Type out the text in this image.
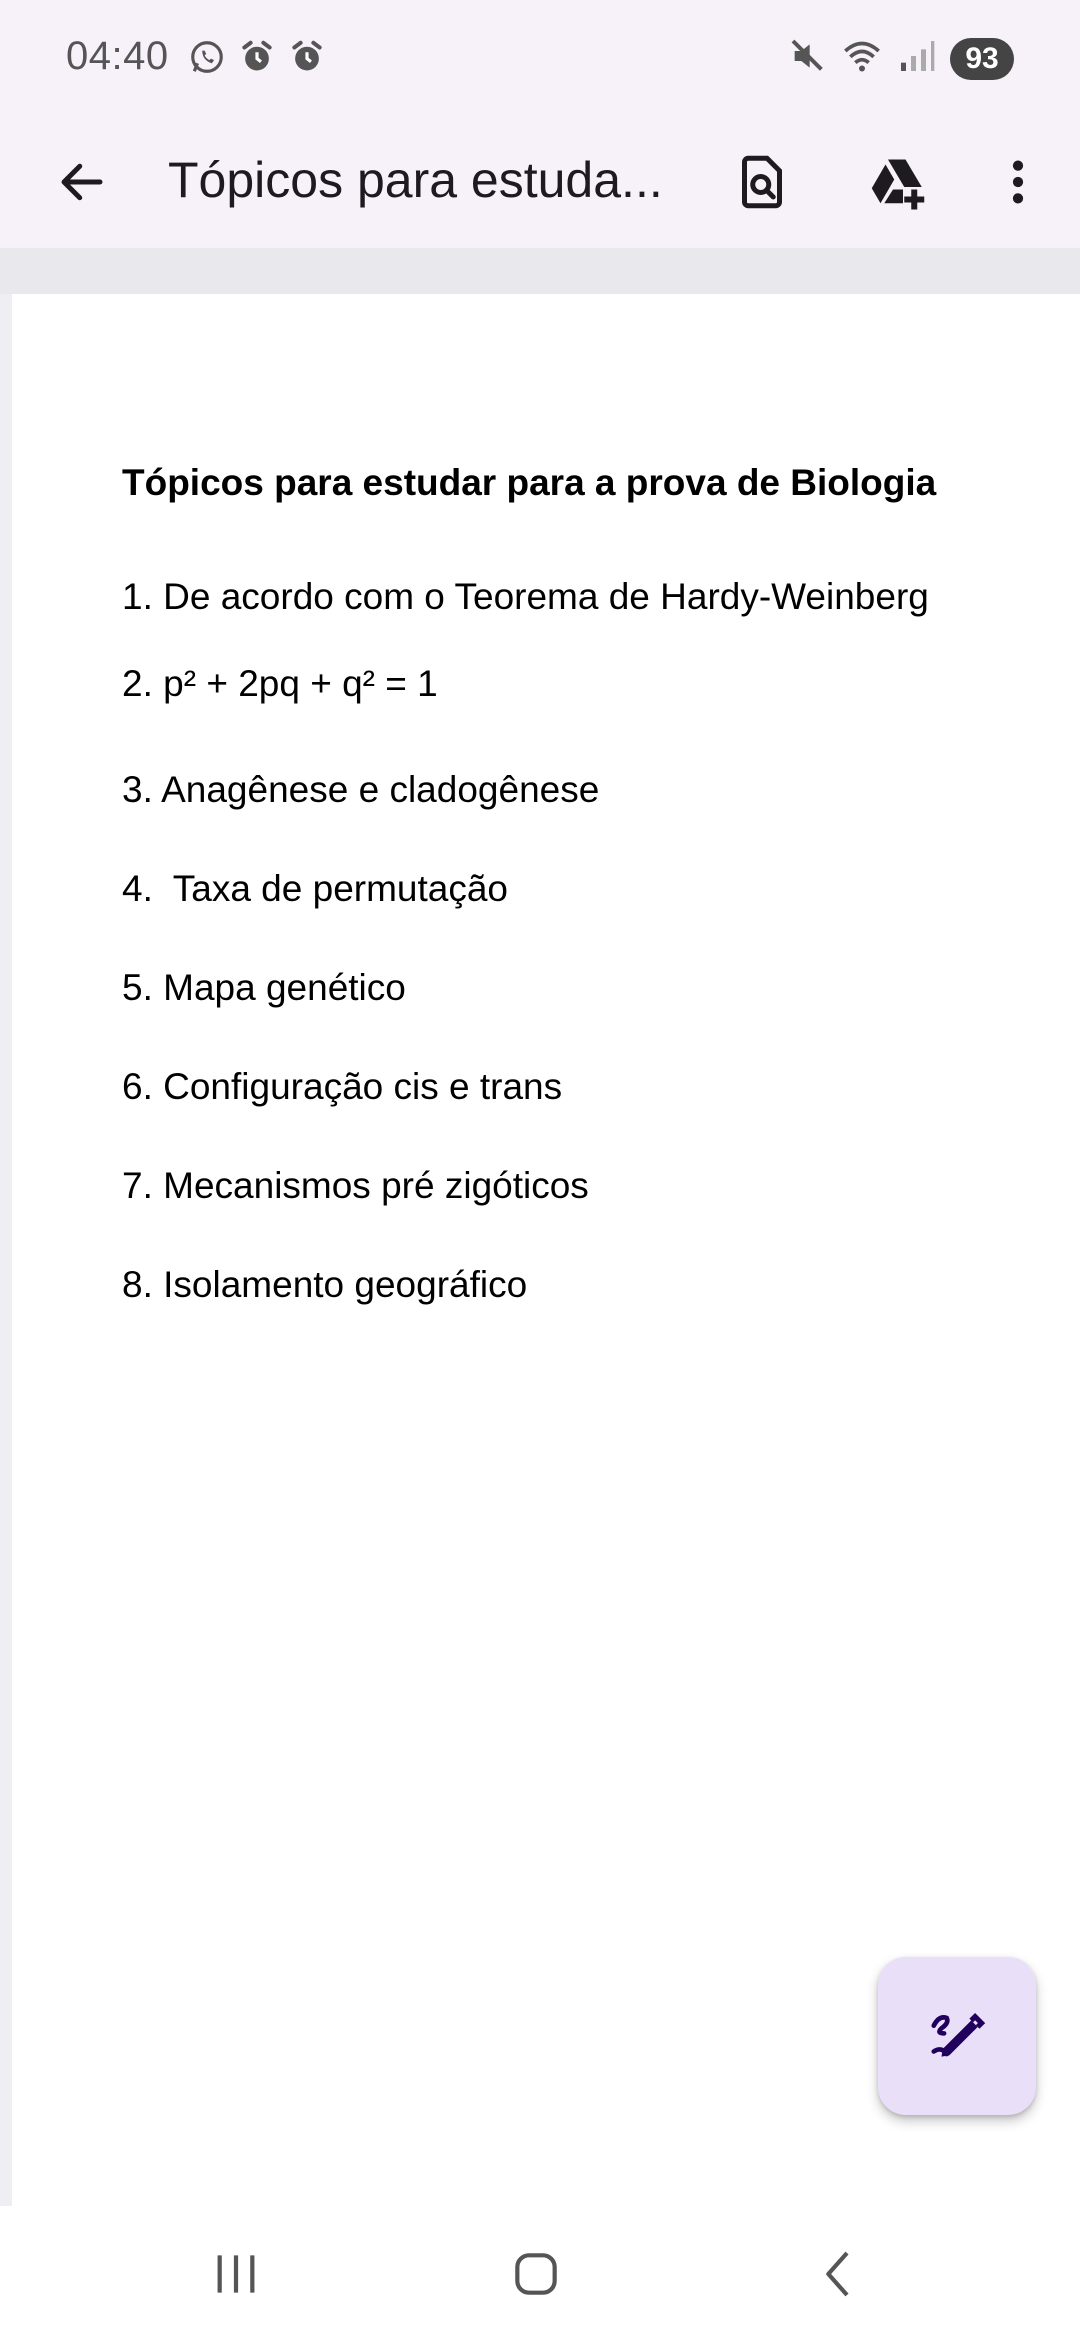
04:40	93
Tópicos para estuda...
Tópicos para estudar para a prova de Biologia
1. De acordo com o Teorema de Hardy-Weinberg
2. p² + 2pq + q² = 1
3. Anagênese e cladogênese
4.  Taxa de permutação
5. Mapa genético
6. Configuração cis e trans
7. Mecanismos pré zigóticos
8. Isolamento geográfico
